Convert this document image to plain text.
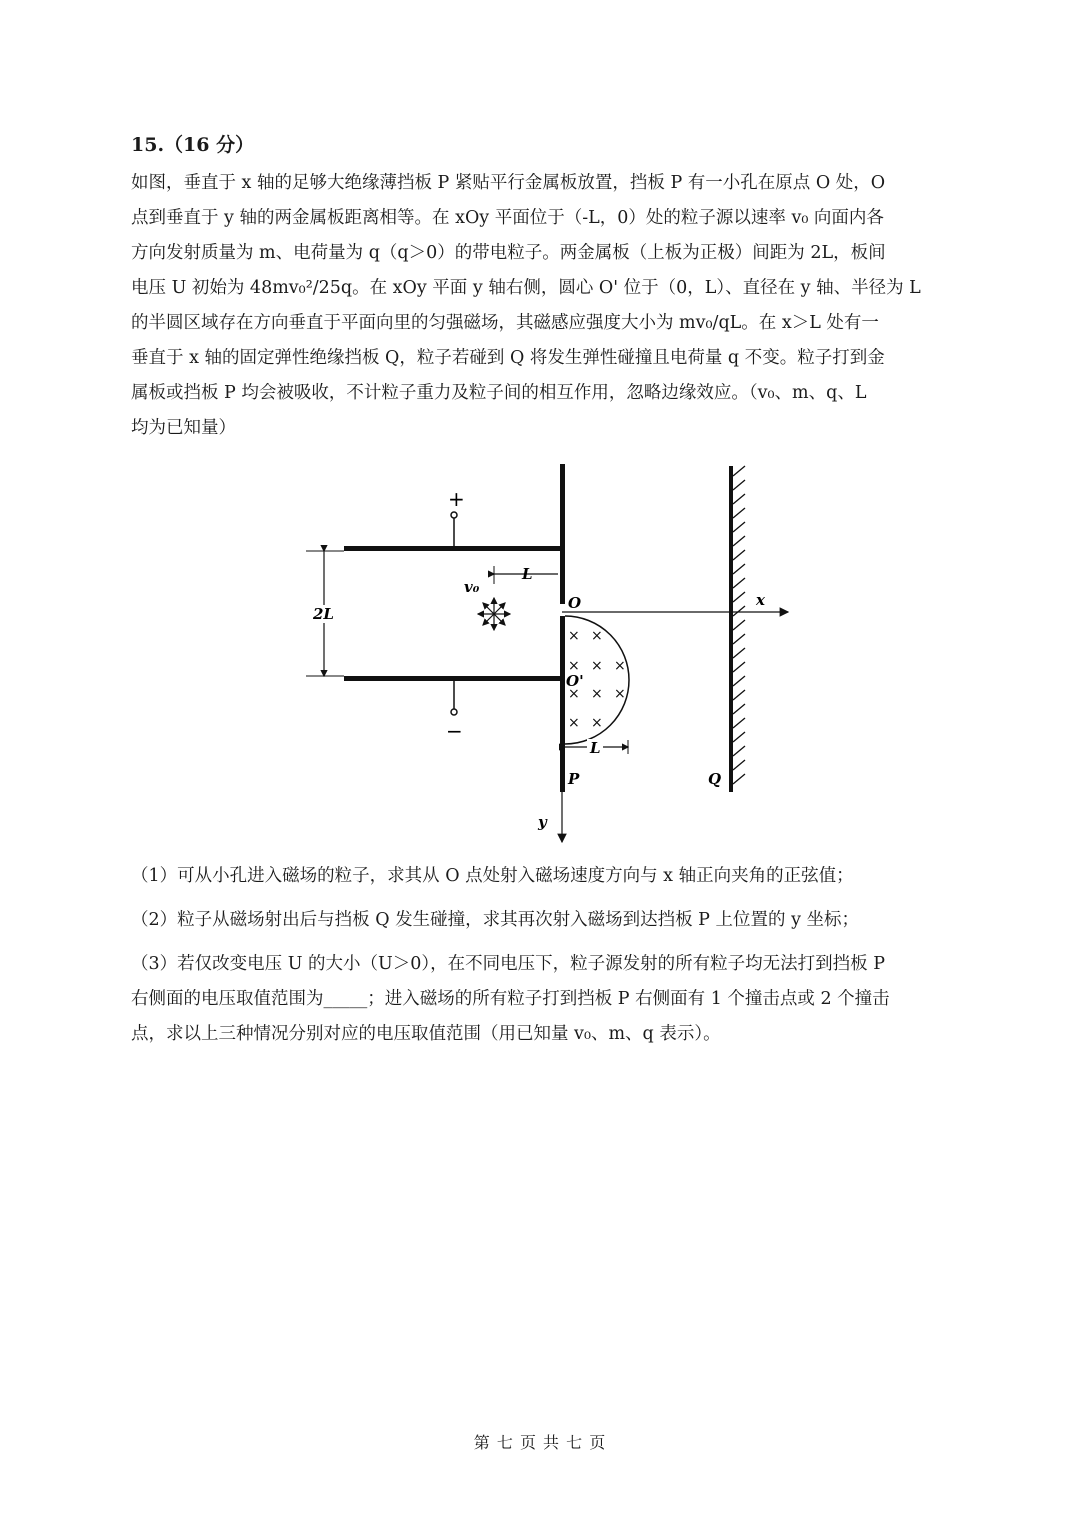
15.（16 分）
如图，垂直于 x 轴的足够大绝缘薄挡板 P 紧贴平行金属板放置，挡板 P 有一小孔在原点 O 处，O
点到垂直于 y 轴的两金属板距离相等。在 xOy 平面位于（-L，0）处的粒子源以速率 v₀ 向面内各
方向发射质量为 m、电荷量为 q（q＞0）的带电粒子。两金属板（上板为正极）间距为 2L，板间
电压 U 初始为 48mv₀²/25q。在 xOy 平面 y 轴右侧，圆心 O' 位于（0，L）、直径在 y 轴、半径为 L
的半圆区域存在方向垂直于平面向里的匀强磁场，其磁感应强度大小为 mv₀/qL。在 x＞L 处有一
垂直于 x 轴的固定弹性绝缘挡板 Q，粒子若碰到 Q 将发生弹性碰撞且电荷量 q 不变。粒子打到金
属板或挡板 P 均会被吸收，不计粒子重力及粒子间的相互作用，忽略边缘效应。（v₀、m、q、L
均为已知量）
+
−
2L
y
x
O
L
v₀
× ×
× × ×
× × ×
× ×
O'
L
P	Q
（1）可从小孔进入磁场的粒子，求其从 O 点处射入磁场速度方向与 x 轴正向夹角的正弦值；
（2）粒子从磁场射出后与挡板 Q 发生碰撞，求其再次射入磁场到达挡板 P 上位置的 y 坐标；
（3）若仅改变电压 U 的大小（U＞0），在不同电压下，粒子源发射的所有粒子均无法打到挡板 P
右侧面的电压取值范围为_____；进入磁场的所有粒子打到挡板 P 右侧面有 1 个撞击点或 2 个撞击
点，求以上三种情况分别对应的电压取值范围（用已知量 v₀、m、q 表示）。
第 七 页 共 七 页
